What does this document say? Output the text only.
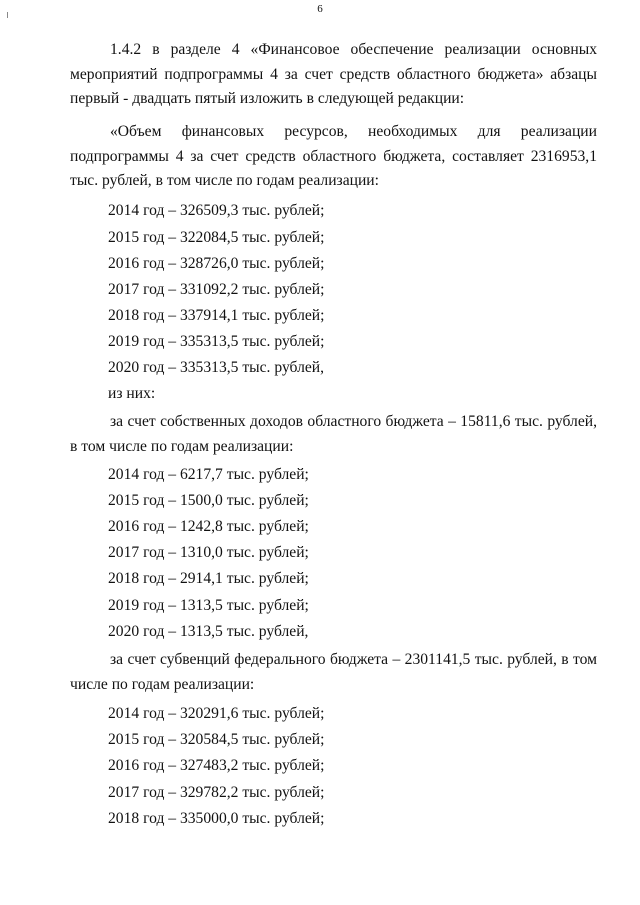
6

1.4.2 в разделе 4 «Финансовое обеспечение реализации основных мероприятий подпрограммы 4 за счет средств областного бюджета» абзацы первый - двадцать пятый изложить в следующей редакции:

«Объем финансовых ресурсов, необходимых для реализации подпрограммы 4 за счет средств областного бюджета, составляет 2316953,1 тыс. рублей, в том числе по годам реализации:

2014 год – 326509,3 тыс. рублей;
2015 год – 322084,5 тыс. рублей;
2016 год – 328726,0 тыс. рублей;
2017 год – 331092,2 тыс. рублей;
2018 год – 337914,1 тыс. рублей;
2019 год – 335313,5 тыс. рублей;
2020 год – 335313,5 тыс. рублей,
из них:

за счет собственных доходов областного бюджета – 15811,6 тыс. рублей, в том числе по годам реализации:

2014 год – 6217,7 тыс. рублей;
2015 год – 1500,0 тыс. рублей;
2016 год – 1242,8 тыс. рублей;
2017 год – 1310,0 тыс. рублей;
2018 год – 2914,1 тыс. рублей;
2019 год – 1313,5 тыс. рублей;
2020 год – 1313,5 тыс. рублей,

за счет субвенций федерального бюджета – 2301141,5 тыс. рублей, в том числе по годам реализации:

2014 год – 320291,6 тыс. рублей;
2015 год – 320584,5 тыс. рублей;
2016 год – 327483,2 тыс. рублей;
2017 год – 329782,2 тыс. рублей;
2018 год – 335000,0 тыс. рублей;
